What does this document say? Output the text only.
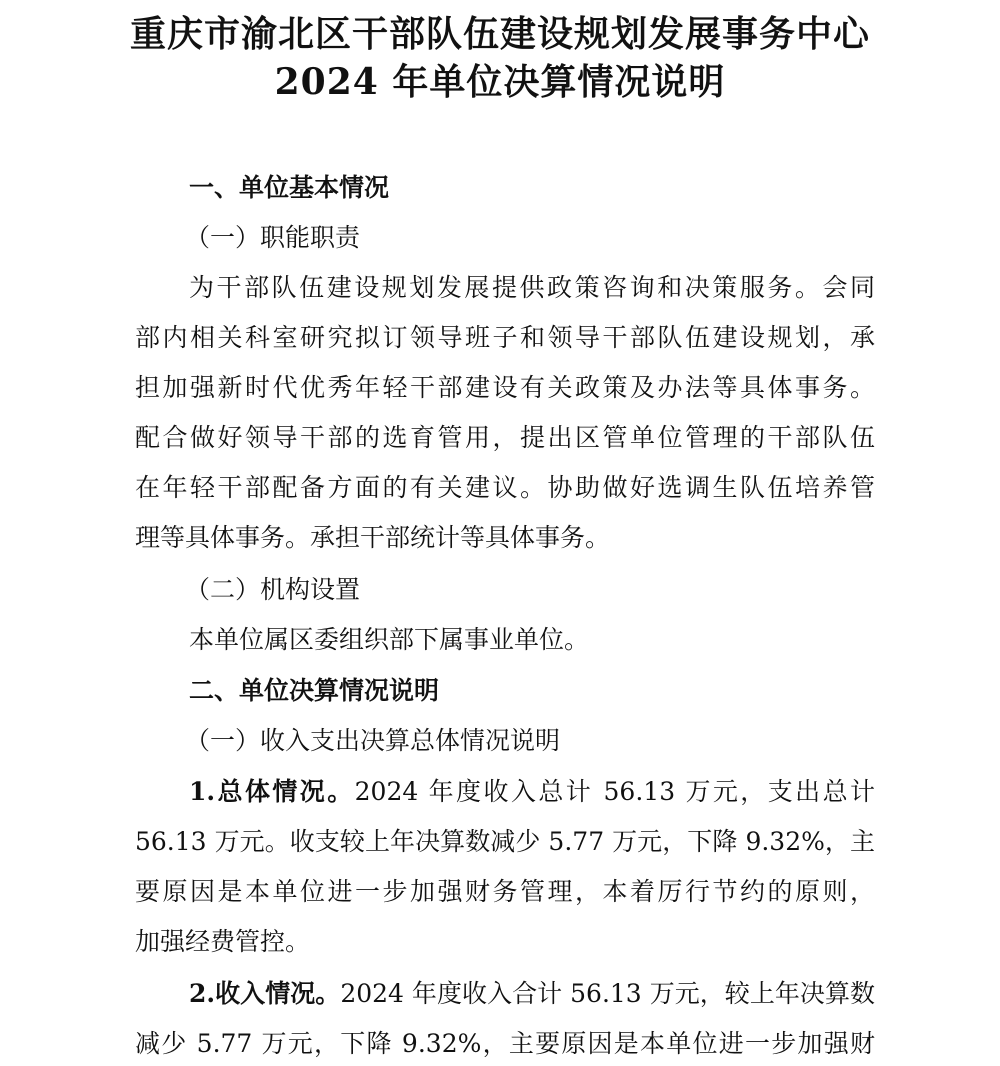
重庆市渝北区干部队伍建设规划发展事务中心
2024 年单位决算情况说明
一、单位基本情况
（一）职能职责
为干部队伍建设规划发展提供政策咨询和决策服务。会同
部内相关科室研究拟订领导班子和领导干部队伍建设规划，承
担加强新时代优秀年轻干部建设有关政策及办法等具体事务。
配合做好领导干部的选育管用，提出区管单位管理的干部队伍
在年轻干部配备方面的有关建议。协助做好选调生队伍培养管
理等具体事务。承担干部统计等具体事务。
（二）机构设置
本单位属区委组织部下属事业单位。
二、单位决算情况说明
（一）收入支出决算总体情况说明
1.总体情况。2024 年度收入总计 56.13 万元，支出总计
56.13 万元。收支较上年决算数减少 5.77 万元，下降 9.32%，主
要原因是本单位进一步加强财务管理，本着厉行节约的原则，
加强经费管控。
2.收入情况。2024 年度收入合计 56.13 万元，较上年决算数
减少 5.77 万元，下降 9.32%，主要原因是本单位进一步加强财
